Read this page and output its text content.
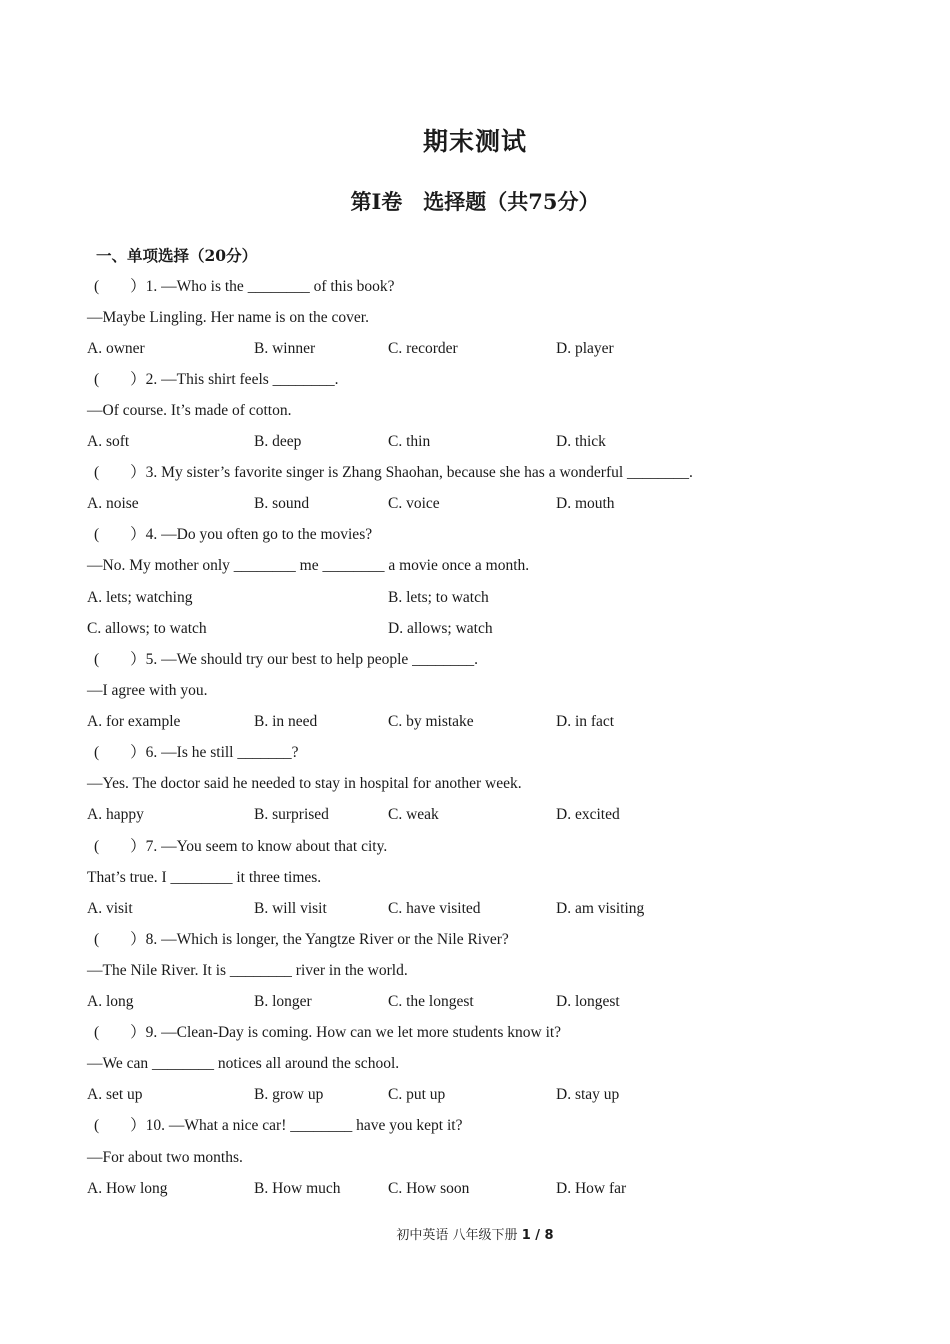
期末测试
第Ⅰ卷　选择题（共75分）
一、单项选择（20分）
(　　）1. —Who is the ________ of this book?
—Maybe Lingling. Her name is on the cover.
A. owner	B. winner	C. recorder	D. player
(　　）2. —This shirt feels ________.
—Of course. It’s made of cotton.
A. soft	B. deep	C. thin	D. thick
(　　）3. My sister’s favorite singer is Zhang Shaohan, because she has a wonderful ________.
A. noise	B. sound	C. voice	D. mouth
(　　）4. —Do you often go to the movies?
—No. My mother only ________ me ________ a movie once a month.
A. lets; watching	B. lets; to watch
C. allows; to watch	D. allows; watch
(　　）5. —We should try our best to help people ________.
—I agree with you.
A. for example	B. in need	C. by mistake	D. in fact
(　　）6. —Is he still _______?
—Yes. The doctor said he needed to stay in hospital for another week.
A. happy	B. surprised	C. weak	D. excited
(　　）7. —You seem to know about that city.
That’s true. I ________ it three times.
A. visit	B. will visit	C. have visited	D. am visiting
(　　）8. —Which is longer, the Yangtze River or the Nile River?
—The Nile River. It is ________ river in the world.
A. long	B. longer	C. the longest	D. longest
(　　）9. —Clean-Day is coming. How can we let more students know it?
—We can ________ notices all around the school.
A. set up	B. grow up	C. put up	D. stay up
(　　）10. —What a nice car! ________ have you kept it?
—For about two months.
A. How long	B. How much	C. How soon	D. How far
初中英语 八年级下册 1 / 8
